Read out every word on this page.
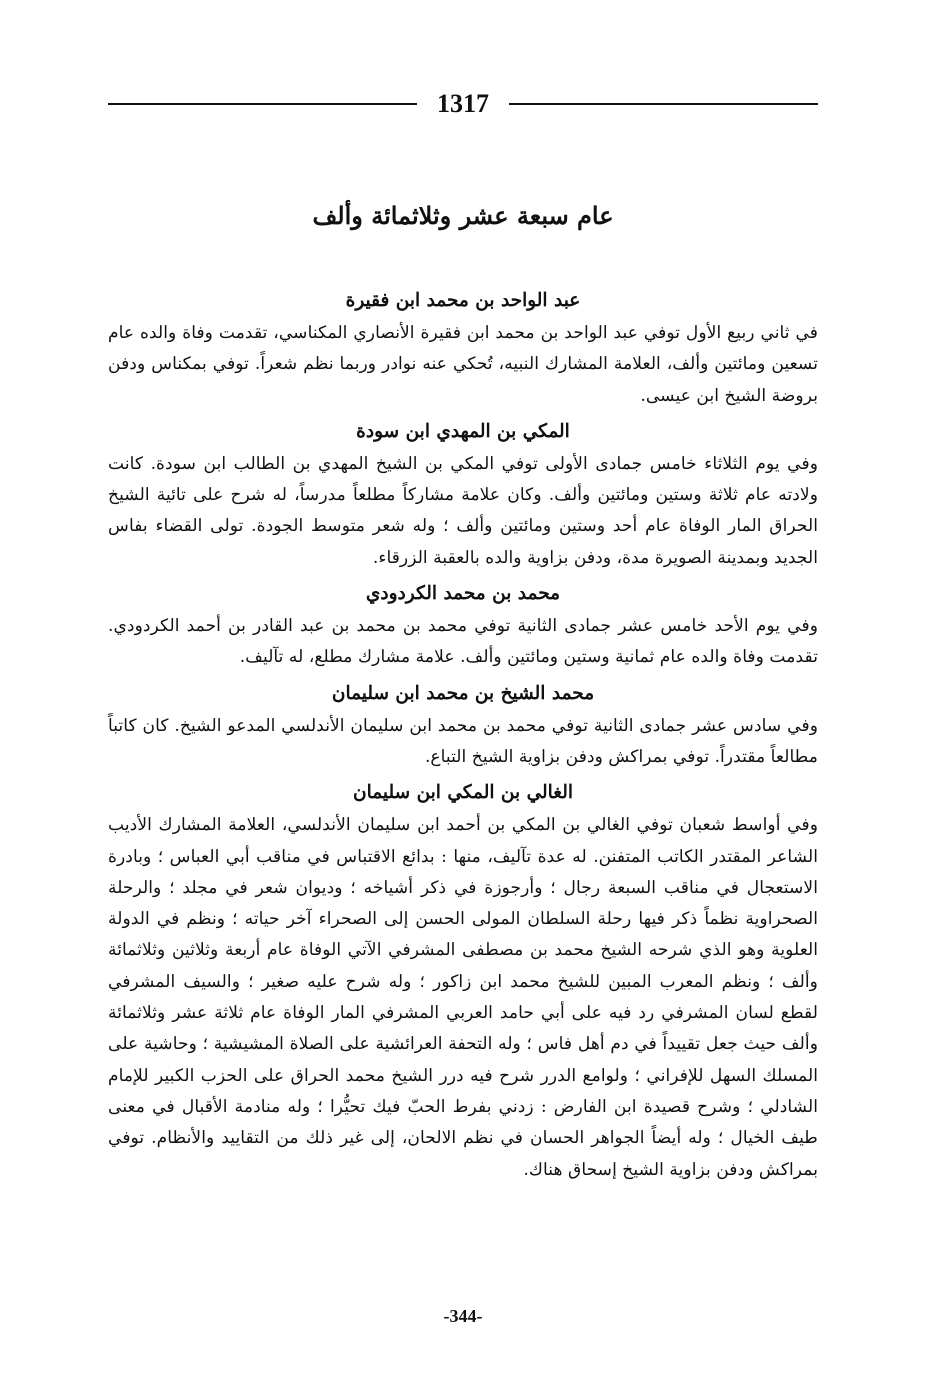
1317
عام سبعة عشر وثلاثمائة وألف
عبد الواحد بن محمد ابن فقيرة

في ثاني ربيع الأول توفي عبد الواحد بن محمد ابن فقيرة الأنصاري المكناسي، تقدمت وفاة والده عام تسعين ومائتين وألف، العلامة المشارك النبيه، تُحكي عنه نوادر وربما نظم شعراً. توفي بمكناس ودفن بروضة الشيخ ابن عيسى.

المكي بن المهدي ابن سودة

وفي يوم الثلاثاء خامس جمادى الأولى توفي المكي بن الشيخ المهدي بن الطالب ابن سودة. كانت ولادته عام ثلاثة وستين ومائتين وألف. وكان علامة مشاركاً مطلعاً مدرساً، له شرح على تائية الشيخ الحراق المار الوفاة عام أحد وستين ومائتين وألف ؛ وله شعر متوسط الجودة. تولى القضاء بفاس الجديد وبمدينة الصويرة مدة، ودفن بزاوية والده بالعقبة الزرقاء.

محمد بن محمد الكردودي

وفي يوم الأحد خامس عشر جمادى الثانية توفي محمد بن محمد بن عبد القادر بن أحمد الكردودي. تقدمت وفاة والده عام ثمانية وستين ومائتين وألف. علامة مشارك مطلع، له تآليف.

محمد الشيخ بن محمد ابن سليمان

وفي سادس عشر جمادى الثانية توفي محمد بن محمد ابن سليمان الأندلسي المدعو الشيخ. كان كاتباً مطالعاً مقتدراً. توفي بمراكش ودفن بزاوية الشيخ التباع.

الغالي بن المكي ابن سليمان

وفي أواسط شعبان توفي الغالي بن المكي بن أحمد ابن سليمان الأندلسي، العلامة المشارك الأديب الشاعر المقتدر الكاتب المتفنن. له عدة تآليف، منها : بدائع الاقتباس في مناقب أبي العباس ؛ وبادرة الاستعجال في مناقب السبعة رجال ؛ وأرجوزة في ذكر أشياخه ؛ وديوان شعر في مجلد ؛ والرحلة الصحراوية نظماً ذكر فيها رحلة السلطان المولى الحسن إلى الصحراء آخر حياته ؛ ونظم في الدولة العلوية وهو الذي شرحه الشيخ محمد بن مصطفى المشرفي الآتي الوفاة عام أربعة وثلاثين وثلاثمائة وألف ؛ ونظم المعرب المبين للشيخ محمد ابن زاكور ؛ وله شرح عليه صغير ؛ والسيف المشرفي لقطع لسان المشرفي رد فيه على أبي حامد العربي المشرفي المار الوفاة عام ثلاثة عشر وثلاثمائة وألف حيث جعل تقييداً في دم أهل فاس ؛ وله التحفة العرائشية على الصلاة المشيشية ؛ وحاشية على المسلك السهل للإفراني ؛ ولوامع الدرر شرح فيه درر الشيخ محمد الحراق على الحزب الكبير للإمام الشادلي ؛ وشرح قصيدة ابن الفارض : زدني بفرط الحبّ فيك تحيُّرا ؛ وله منادمة الأقبال في معنى طيف الخيال ؛ وله أيضاً الجواهر الحسان في نظم الالحان، إلى غير ذلك من التقاييد والأنظام. توفي بمراكش ودفن بزاوية الشيخ إسحاق هناك.

-344-
